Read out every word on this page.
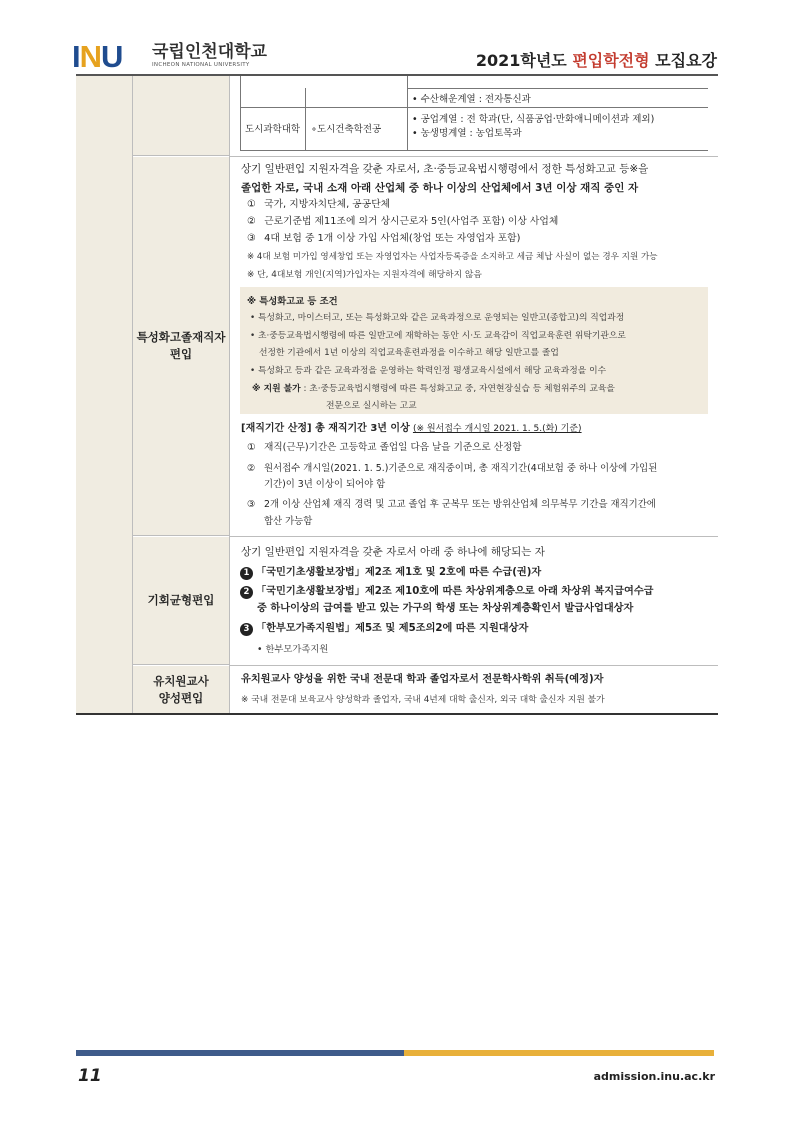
INU 국립인천대학교
INCHEON NATIONAL UNIVERSITY	2021학년도 편입학전형 모집요강
• 수산해운계열 : 전자통신과
도시과학대학 ∘도시건축학전공
• 공업계열 : 전 학과(단, 식품공업·만화애니메이션과 제외)
• 농생명계열 : 농업토목과
특성화고졸재직자
편입
상기 일반편입 지원자격을 갖춘 자로서, 초·중등교육법시행령에서 정한 특성화고교 등※을
졸업한 자로, 국내 소재 아래 산업체 중 하나 이상의 산업체에서 3년 이상 재직 중인 자
① 국가, 지방자치단체, 공공단체
② 근로기준법 제11조에 의거 상시근로자 5인(사업주 포함) 이상 사업체
③ 4대 보험 중 1개 이상 가입 사업체(창업 또는 자영업자 포함)
※ 4대 보험 미가입 영세창업 또는 자영업자는 사업자등록증을 소지하고 세금 체납 사실이 없는 경우 지원 가능
※ 단, 4대보험 개인(지역)가입자는 지원자격에 해당하지 않음
※ 특성화고교 등 조건
• 특성화고, 마이스터고, 또는 특성화고와 같은 교육과정으로 운영되는 일반고(종합고)의 직업과정
• 초·중등교육법시행령에 따른 일반고에 재학하는 동안 시·도 교육감이 직업교육훈련 위탁기관으로
선정한 기관에서 1년 이상의 직업교육훈련과정을 이수하고 해당 일반고를 졸업
• 특성화고 등과 같은 교육과정을 운영하는 학력인정 평생교육시설에서 해당 교육과정을 이수
※ 지원 불가 : 초·중등교육법시행령에 따른 특성화고교 중, 자연현장실습 등 체험위주의 교육을
전문으로 실시하는 고교
[재직기간 산정] 총 재직기간 3년 이상 (※ 원서접수 개시일 2021. 1. 5.(화) 기준)
① 재직(근무)기간은 고등학교 졸업일 다음 날을 기준으로 산정함
② 원서접수 개시일(2021. 1. 5.)기준으로 재직중이며, 총 재직기간(4대보험 중 하나 이상에 가입된
기간)이 3년 이상이 되어야 함
③ 2개 이상 산업체 재직 경력 및 고교 졸업 후 군복무 또는 방위산업체 의무복무 기간을 재직기간에
합산 가능함
기회균형편입
상기 일반편입 지원자격을 갖춘 자로서 아래 중 하나에 해당되는 자
1 「국민기초생활보장법」제2조 제1호 및 2호에 따른 수급(권)자
2 「국민기초생활보장법」제2조 제10호에 따른 차상위계층으로 아래 차상위 복지급여수급
중 하나이상의 급여를 받고 있는 가구의 학생 또는 차상위계층확인서 발급사업대상자
3 「한부모가족지원법」제5조 및 제5조의2에 따른 지원대상자
• 한부모가족지원
유치원교사
양성편입
유치원교사 양성을 위한 국내 전문대 학과 졸업자로서 전문학사학위 취득(예정)자
※ 국내 전문대 보육교사 양성학과 졸업자, 국내 4년제 대학 출신자, 외국 대학 출신자 지원 불가
11	admission.inu.ac.kr
